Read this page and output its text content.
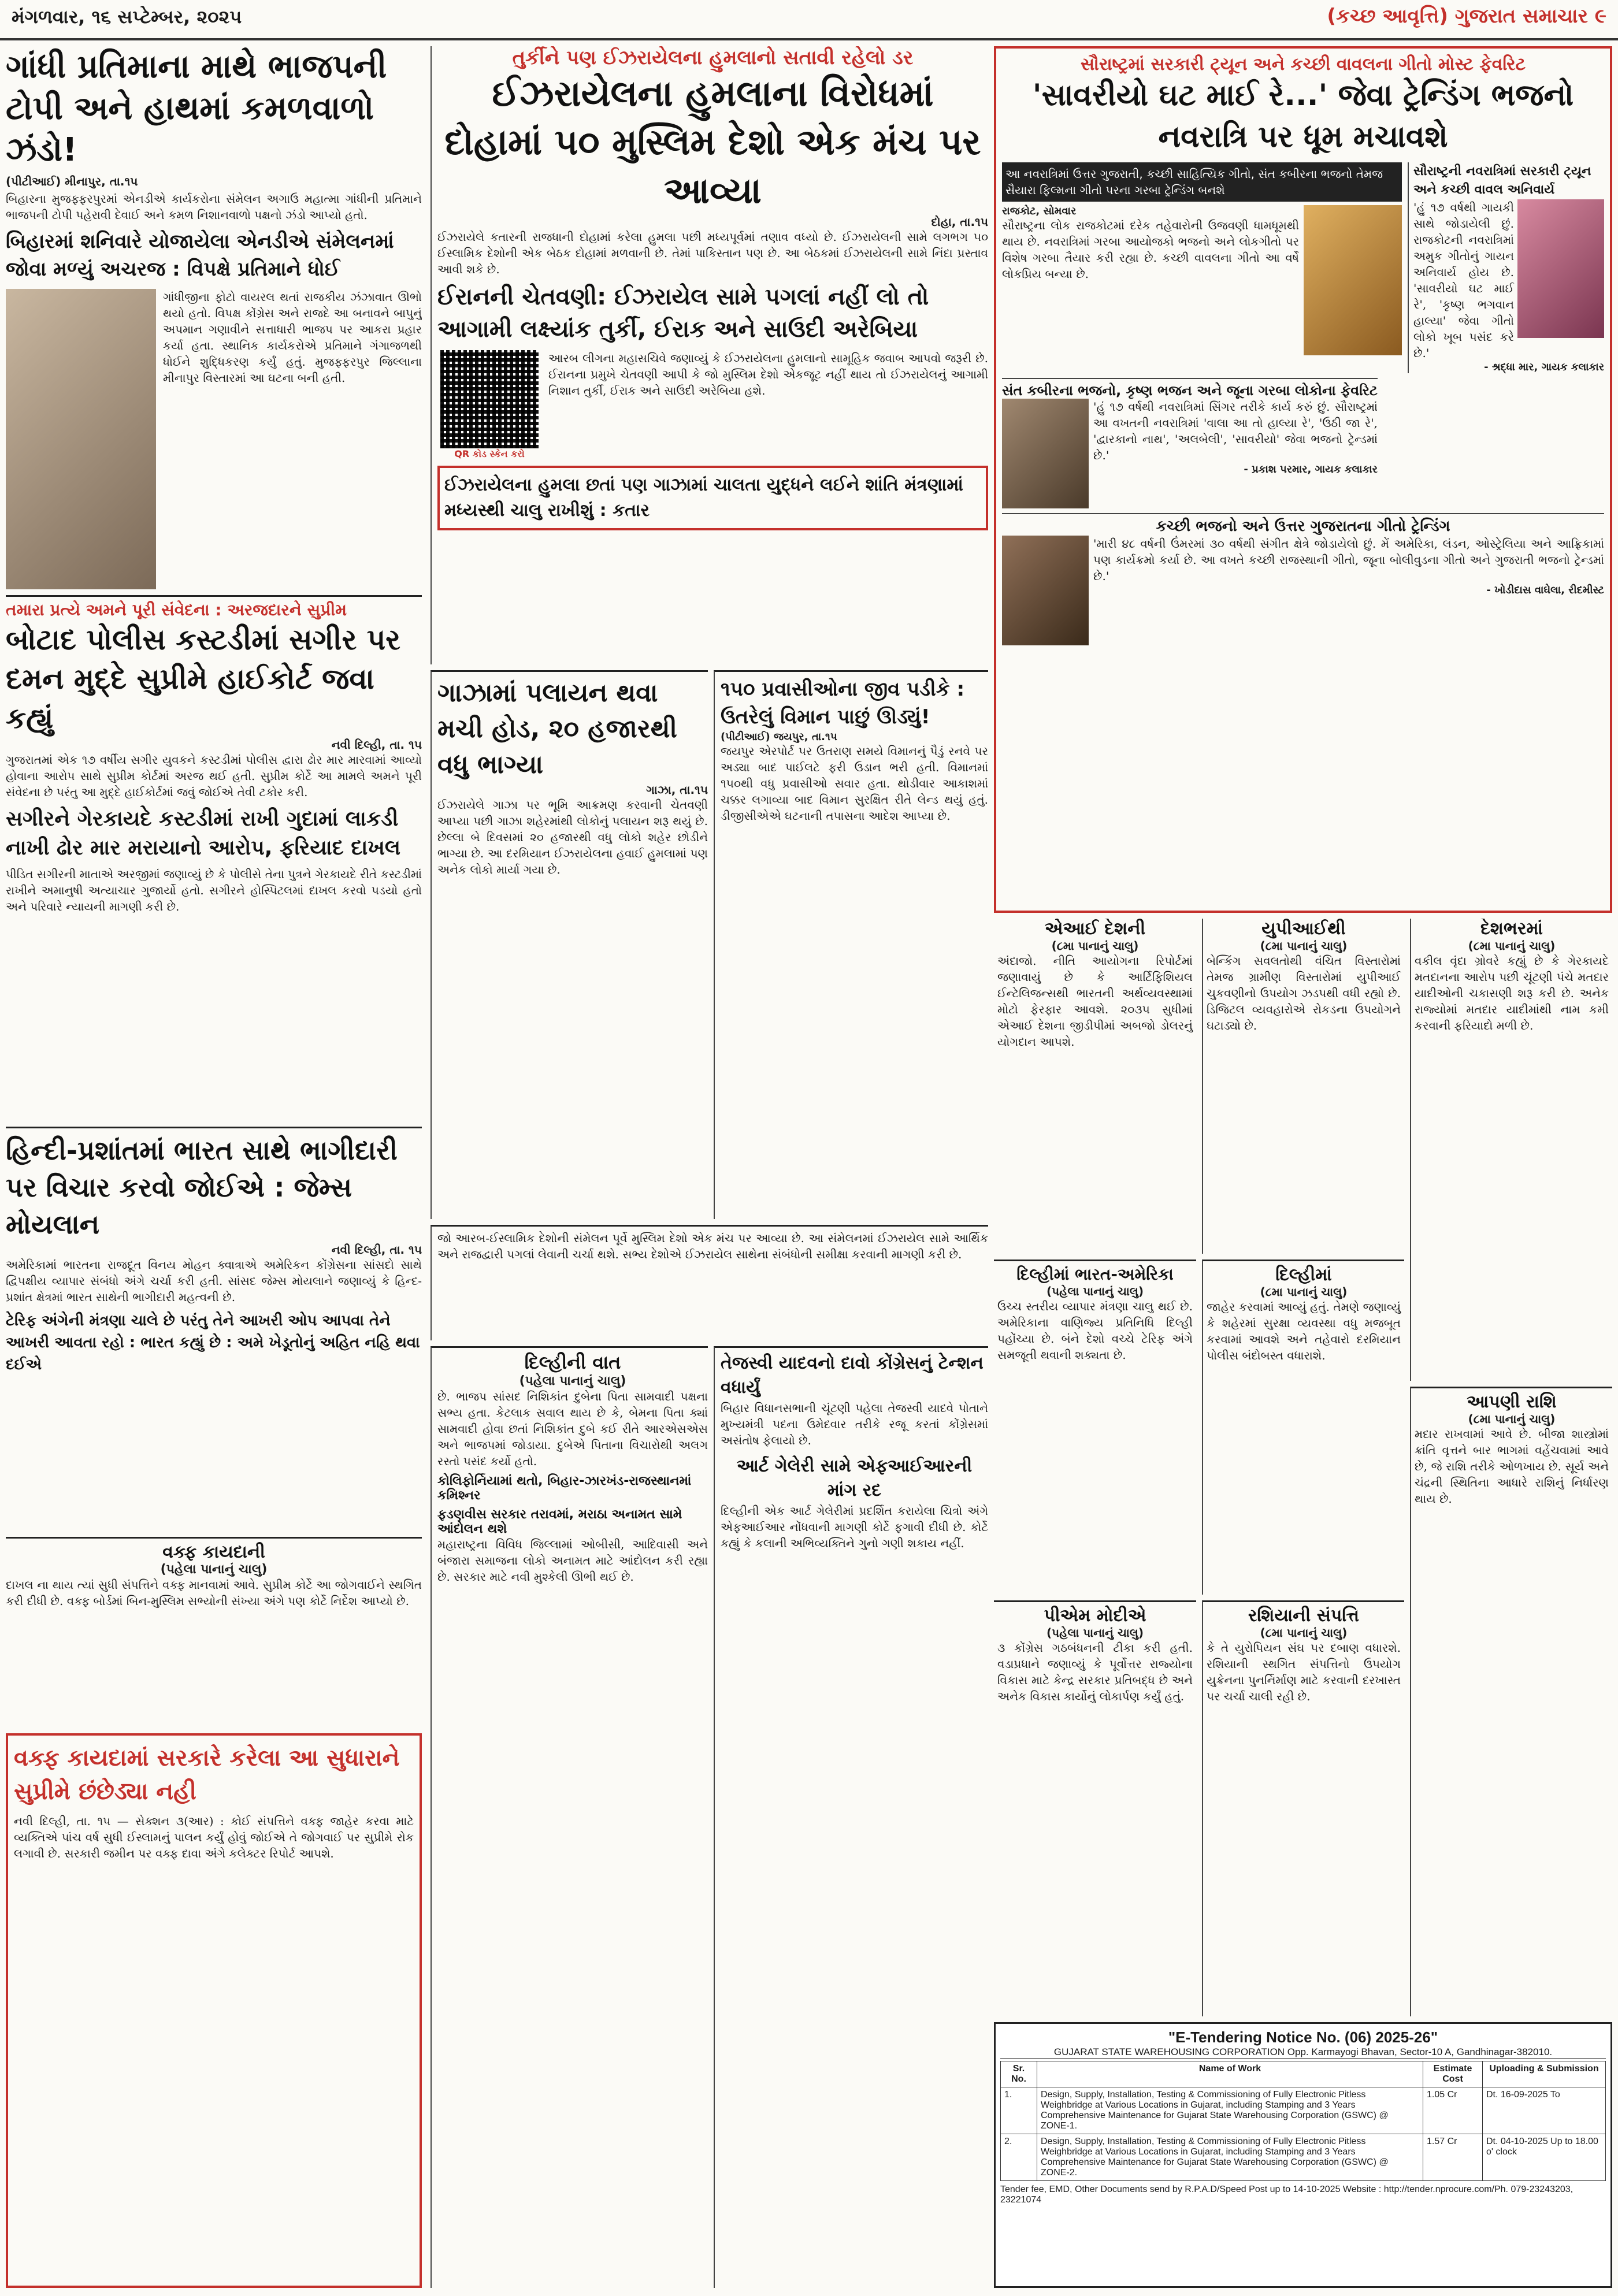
મંગળવાર, ૧૬ સપ્ટેમ્બર, ૨૦૨૫	(કચ્છ આવૃત્તિ) ગુજરાત સમાચાર ૯
ગાંધી પ્રતિમાના માથે ભાજપની ટોપી અને હાથમાં કમળવાળો ઝંડો!
(પીટીઆઈ) મીનાપુર, તા.૧૫
બિહારના મુજફ્ફરપુરમાં એનડીએ કાર્યકરોના સંમેલન અગાઉ મહાત્મા ગાંધીની પ્રતિમાને ભાજપની ટોપી પહેરાવી દેવાઈ અને કમળ નિશાનવાળો પક્ષનો ઝંડો આપ્યો હતો.
બિહારમાં શનિવારે યોજાયેલા એનડીએ સંમેલનમાં જોવા મળ્યું અચરજ : વિપક્ષે પ્રતિમાને ધોઈ
ગાંધીજીના ફોટો વાયરલ થતાં રાજકીય ઝંઝાવાત ઊભો થયો હતો. વિપક્ષ કોંગ્રેસ અને રાજદે આ બનાવને બાપુનું અપમાન ગણાવીને સત્તાધારી ભાજપ પર આકરા પ્રહાર કર્યા હતા. સ્થાનિક કાર્યકરોએ પ્રતિમાને ગંગાજળથી ધોઈને શુદ્ધિકરણ કર્યું હતું. મુજફ્ફરપુર જિલ્લાના મીનાપુર વિસ્તારમાં આ ઘટના બની હતી.
તમારા પ્રત્યે અમને પૂરી સંવેદના : અરજદારને સુપ્રીમ
બોટાદ પોલીસ કસ્ટડીમાં સગીર પર દમન મુદ્દે સુપ્રીમે હાઈકોર્ટ જવા કહ્યું
નવી દિલ્હી, તા. ૧૫
ગુજરાતમાં એક ૧૭ વર્ષીય સગીર યુવકને કસ્ટડીમાં પોલીસ દ્વારા ઢોર માર મારવામાં આવ્યો હોવાના આરોપ સાથે સુપ્રીમ કોર્ટમાં અરજ થઈ હતી. સુપ્રીમ કોર્ટે આ મામલે અમને પૂરી સંવેદના છે પરંતુ આ મુદ્દે હાઈકોર્ટમાં જવું જોઈએ તેવી ટકોર કરી.
સગીરને ગેરકાયદે કસ્ટડીમાં રાખી ગુદામાં લાકડી નાખી ઢોર માર મરાયાનો આરોપ, ફરિયાદ દાખલ
પીડિત સગીરની માતાએ અરજીમાં જણાવ્યું છે કે પોલીસે તેના પુત્રને ગેરકાયદે રીતે કસ્ટડીમાં રાખીને અમાનુષી અત્યાચાર ગુજાર્યો હતો. સગીરને હોસ્પિટલમાં દાખલ કરવો પડયો હતો અને પરિવારે ન્યાયની માગણી કરી છે.
હિન્દી-પ્રશાંતમાં ભારત સાથે ભાગીદારી પર વિચાર કરવો જોઈએ : જેમ્સ મોયલાન
નવી દિલ્હી, તા. ૧૫
અમેરિકામાં ભારતના રાજદૂત વિનય મોહન ક્વાત્રાએ અમેરિકન કોંગ્રેસના સાંસદો સાથે દ્વિપક્ષીય વ્યાપાર સંબંધો અંગે ચર્ચા કરી હતી. સાંસદ જેમ્સ મોયલાને જણાવ્યું કે હિન્દ-પ્રશાંત ક્ષેત્રમાં ભારત સાથેની ભાગીદારી મહત્વની છે.
ટેરિફ અંગેની મંત્રણા ચાલે છે પરંતુ તેને આખરી ઓપ આપવા તેને આખરી આવતા રહો : ભારત કહ્યું છે : અમે ખેડૂતોનું અહિત નહિ થવા દઈએ
વક્ફ કાયદાની
(પહેલા પાનાનું ચાલુ)
દાખલ ના થાય ત્યાં સુધી સંપત્તિને વક્ફ માનવામાં આવે. સુપ્રીમ કોર્ટે આ જોગવાઈને સ્થગિત કરી દીધી છે. વક્ફ બોર્ડમાં બિન-મુસ્લિમ સભ્યોની સંખ્યા અંગે પણ કોર્ટે નિર્દેશ આપ્યો છે.
વક્ફ કાયદામાં સરકારે કરેલા આ સુધારાને સુપ્રીમે છંછેડ્યા નહી
નવી દિલ્હી, તા. ૧૫ — સેક્શન ૩(આર) : કોઈ સંપત્તિને વક્ફ જાહેર કરવા માટે વ્યક્તિએ પાંચ વર્ષ સુધી ઈસ્લામનું પાલન કર્યું હોવું જોઈએ તે જોગવાઈ પર સુપ્રીમે રોક લગાવી છે. સરકારી જમીન પર વક્ફ દાવા અંગે કલેક્ટર રિપોર્ટ આપશે.
તુર્કીને પણ ઈઝરાયેલના હુમલાનો સતાવી રહેલો ડર
ઈઝરાયેલના હુમલાના વિરોધમાં દોહામાં ૫૦ મુસ્લિમ દેશો એક મંચ પર આવ્યા
દોહા, તા.૧૫
ઈઝરાયેલે કતારની રાજધાની દોહામાં કરેલા હુમલા પછી મધ્યપૂર્વમાં તણાવ વધ્યો છે. ઈઝરાયેલની સામે લગભગ ૫૦ ઈસ્લામિક દેશોની એક બેઠક દોહામાં મળવાની છે. તેમાં પાકિસ્તાન પણ છે. આ બેઠકમાં ઈઝરાયેલની સામે નિંદા પ્રસ્તાવ આવી શકે છે.
ઈરાનની ચેતવણી: ઈઝરાયેલ સામે પગલાં નહીં લો તો આગામી લક્ષ્યાંક તુર્કી, ઈરાક અને સાઉદી અરેબિયા
QR કોડ સ્કેન કરો
આરબ લીગના મહાસચિવે જણાવ્યું કે ઈઝરાયેલના હુમલાનો સામૂહિક જવાબ આપવો જરૂરી છે. ઈરાનના પ્રમુખે ચેતવણી આપી કે જો મુસ્લિમ દેશો એકજૂટ નહીં થાય તો ઈઝરાયેલનું આગામી નિશાન તુર્કી, ઈરાક અને સાઉદી અરેબિયા હશે.
ઈઝરાયેલના હુમલા છતાં પણ ગાઝામાં ચાલતા યુદ્ધને લઈને શાંતિ મંત્રણામાં મધ્યસ્થી ચાલુ રાખીશું : કતાર
ગાઝામાં પલાયન થવા મચી હોડ, ૨૦ હજારથી વધુ ભાગ્યા
ગાઝા, તા.૧૫
ઈઝરાયેલે ગાઝા પર ભૂમિ આક્રમણ કરવાની ચેતવણી આપ્યા પછી ગાઝા શહેરમાંથી લોકોનું પલાયન શરૂ થયું છે. છેલ્લા બે દિવસમાં ૨૦ હજારથી વધુ લોકો શહેર છોડીને ભાગ્યા છે. આ દરમિયાન ઈઝરાયેલના હવાઈ હુમલામાં પણ અનેક લોકો માર્યા ગયા છે.
૧૫૦ પ્રવાસીઓના જીવ પડીકે : ઉતરેલું વિમાન પાછું ઊડ્યું!
(પીટીઆઈ) જયપુર, તા.૧૫
જયપુર એરપોર્ટ પર ઉતરાણ સમયે વિમાનનું પૈડું રનવે પર અડ્યા બાદ પાઈલટે ફરી ઉડાન ભરી હતી. વિમાનમાં ૧૫૦થી વધુ પ્રવાસીઓ સવાર હતા. થોડીવાર આકાશમાં ચક્કર લગાવ્યા બાદ વિમાન સુરક્ષિત રીતે લેન્ડ થયું હતું. ડીજીસીએએ ઘટનાની તપાસના આદેશ આપ્યા છે.
જો આરબ-ઈસ્લામિક દેશોની સંમેલન પૂર્વે મુસ્લિમ દેશો એક મંચ પર આવ્યા છે. આ સંમેલનમાં ઈઝરાયેલ સામે આર્થિક અને રાજદ્વારી પગલાં લેવાની ચર્ચા થશે. સભ્ય દેશોએ ઈઝરાયેલ સાથેના સંબંધોની સમીક્ષા કરવાની માગણી કરી છે.
દિલ્હીની વાત
(પહેલા પાનાનું ચાલુ)
છે. ભાજપ સાંસદ નિશિકાંત દુબેના પિતા સામવાદી પક્ષના સભ્ય હતા. કેટલાક સવાલ થાય છે કે, બેમના પિતા ક્યાં સામવાદી હોવા છતાં નિશિકાંત દુબે કઈ રીતે આરએસએસ અને ભાજપમાં જોડાયા. દુબેએ પિતાના વિચારોથી અલગ રસ્તો પસંદ કર્યો હતો.
કોલિફોર્નિયામાં થતો, બિહાર-ઝારખંડ-રાજસ્થાનમાં કમિશ્નર
ફડણવીસ સરકાર તરાવમાં, મરાઠા અનામત સામે આંદોલન થશે
મહારાષ્ટ્રના વિવિધ જિલ્લામાં ઓબીસી, આદિવાસી અને બંજારા સમાજના લોકો અનામત માટે આંદોલન કરી રહ્યા છે. સરકાર માટે નવી મુશ્કેલી ઊભી થઈ છે.
તેજસ્વી યાદવનો દાવો કોંગ્રેસનું ટેન્શન વધાર્યું
બિહાર વિધાનસભાની ચૂંટણી પહેલા તેજસ્વી યાદવે પોતાને મુખ્યમંત્રી પદના ઉમેદવાર તરીકે રજૂ કરતાં કોંગ્રેસમાં અસંતોષ ફેલાયો છે.
આર્ટ ગેલેરી સામે એફઆઈઆરની માંગ રદ
દિલ્હીની એક આર્ટ ગેલેરીમાં પ્રદર્શિત કરાયેલા ચિત્રો અંગે એફઆઈઆર નોંધવાની માગણી કોર્ટે ફગાવી દીધી છે. કોર્ટે કહ્યું કે કલાની અભિવ્યક્તિને ગુનો ગણી શકાય નહીં.
સૌરાષ્ટ્રમાં સરકારી ટ્યૂન અને કચ્છી વાવલના ગીતો મોસ્ટ ફેવરિટ
'સાવરીયો ઘટ માઈ રે...' જેવા ટ્રેન્ડિંગ ભજનો નવરાત્રિ પર ધૂમ મચાવશે
આ નવરાત્રિમાં ઉત્તર ગુજરાતી, કચ્છી સાહિત્યિક ગીતો, સંત કબીરના ભજનો તેમજ સૈયારા ફિલ્મના ગીતો પરના ગરબા ટ્રેન્ડિંગ બનશે
રાજકોટ, સોમવાર
સૌરાષ્ટ્રના લોક રાજકોટમાં દરેક તહેવારોની ઉજવણી ધામધૂમથી થાય છે. નવરાત્રિમાં ગરબા આયોજકો ભજનો અને લોકગીતો પર વિશેષ ગરબા તૈયાર કરી રહ્યા છે. કચ્છી વાવલના ગીતો આ વર્ષે લોકપ્રિય બન્યા છે.
સૌરાષ્ટ્રની નવરાત્રિમાં સરકારી ટ્યૂન અને કચ્છી વાવલ અનિવાર્ય
'હું ૧૭ વર્ષથી ગાયકી સાથે જોડાયેલી છું. રાજકોટની નવરાત્રિમાં અમુક ગીતોનું ગાયન અનિવાર્ય હોય છે. 'સાવરીયો ઘટ માઈ રે', 'કૃષ્ણ ભગવાન હાલ્યા' જેવા ગીતો લોકો ખૂબ પસંદ કરે છે.'
- શ્રદ્ધા માર, ગાયક કલાકાર
સંત કબીરના ભજનો, કૃષ્ણ ભજન અને જૂના ગરબા લોકોના ફેવરિટ
'હું ૧૭ વર્ષથી નવરાત્રિમાં સિંગર તરીકે કાર્ય કરું છું. સૌરાષ્ટ્રમાં આ વખતની નવરાત્રિમાં 'વાલા આ તો હાલ્યા રે', 'ઉઠી જા રે', 'દ્વારકાનો નાથ', 'અલબેલી', 'સાવરીયો' જેવા ભજનો ટ્રેન્ડમાં છે.'
- પ્રકાશ પરમાર, ગાયક કલાકાર
કચ્છી ભજનો અને ઉત્તર ગુજરાતના ગીતો ટ્રેન્ડિંગ
'મારી ૪૮ વર્ષની ઉંમરમાં ૩૦ વર્ષથી સંગીત ક્ષેત્રે જોડાયેલો છું. મેં અમેરિકા, લંડન, ઓસ્ટ્રેલિયા અને આફ્રિકામાં પણ કાર્યક્રમો કર્યા છે. આ વખતે કચ્છી રાજસ્થાની ગીતો, જૂના બોલીવુડના ગીતો અને ગુજરાતી ભજનો ટ્રેન્ડમાં છે.'
- ખોડીદાસ વાઘેલા, રીદમીસ્ટ
એઆઈ દેશની
(૮મા પાનાનું ચાલુ)
અંદાજો. નીતિ આયોગના રિપોર્ટમાં જણાવાયું છે કે આર્ટિફિશિયલ ઈન્ટેલિજન્સથી ભારતની અર્થવ્યવસ્થામાં મોટો ફેરફાર આવશે. ૨૦૩૫ સુધીમાં એઆઈ દેશના જીડીપીમાં અબજો ડોલરનું યોગદાન આપશે.
યુપીઆઈથી
(૮મા પાનાનું ચાલુ)
બેન્કિંગ સવલતોથી વંચિત વિસ્તારોમાં તેમજ ગ્રામીણ વિસ્તારોમાં યુપીઆઈ ચુકવણીનો ઉપયોગ ઝડપથી વધી રહ્યો છે. ડિજિટલ વ્યવહારોએ રોકડના ઉપયોગને ઘટાડ્યો છે.
દેશભરમાં
(૮મા પાનાનું ચાલુ)
વકીલ વૃંદા ગ્રોવરે કહ્યું છે કે ગેરકાયદે મતદાનના આરોપ પછી ચૂંટણી પંચે મતદાર યાદીઓની ચકાસણી શરૂ કરી છે. અનેક રાજ્યોમાં મતદાર યાદીમાંથી નામ કમી કરવાની ફરિયાદો મળી છે.
દિલ્હીમાં ભારત-અમેરિકા
(પહેલા પાનાનું ચાલુ)
ઉચ્ચ સ્તરીય વ્યાપાર મંત્રણા ચાલુ થઈ છે. અમેરિકાના વાણિજ્ય પ્રતિનિધિ દિલ્હી પહોંચ્યા છે. બંને દેશો વચ્ચે ટેરિફ અંગે સમજૂતી થવાની શક્યતા છે.
દિલ્હીમાં
(૮મા પાનાનું ચાલુ)
જાહેર કરવામાં આવ્યું હતું. તેમણે જણાવ્યું કે શહેરમાં સુરક્ષા વ્યવસ્થા વધુ મજબૂત કરવામાં આવશે અને તહેવારો દરમિયાન પોલીસ બંદોબસ્ત વધારાશે.
પીએમ મોદીએ
(પહેલા પાનાનું ચાલુ)
૩ કોંગ્રેસ ગઠબંધનની ટીકા કરી હતી. વડાપ્રધાને જણાવ્યું કે પૂર્વોત્તર રાજ્યોના વિકાસ માટે કેન્દ્ર સરકાર પ્રતિબદ્ધ છે અને અનેક વિકાસ કાર્યોનું લોકાર્પણ કર્યું હતું.
રશિયાની સંપત્તિ
(૮મા પાનાનું ચાલુ)
કે તે યુરોપિયન સંઘ પર દબાણ વધારશે. રશિયાની સ્થગિત સંપત્તિનો ઉપયોગ યુક્રેનના પુનર્નિર્માણ માટે કરવાની દરખાસ્ત પર ચર્ચા ચાલી રહી છે.
આપણી રાશિ
(૮મા પાનાનું ચાલુ)
મદાર રાખવામાં આવે છે. બીજા શાસ્ત્રોમાં ક્રાંતિ વૃત્તને બાર ભાગમાં વહેંચવામાં આવે છે, જે રાશિ તરીકે ઓળખાય છે. સૂર્ય અને ચંદ્રની સ્થિતિના આધારે રાશિનું નિર્ધારણ થાય છે.
"E-Tendering Notice No. (06) 2025-26"
GUJARAT STATE WAREHOUSING CORPORATION Opp. Karmayogi Bhavan, Sector-10 A, Gandhinagar-382010.
Sr. No.	Name of Work	Estimate Cost	Uploading & Submission
1.	Design, Supply, Installation, Testing & Commissioning of Fully Electronic Pitless Weighbridge at Various Locations in Gujarat, including Stamping and 3 Years Comprehensive Maintenance for Gujarat State Warehousing Corporation (GSWC) @ ZONE-1.	1.05 Cr	Dt. 16-09-2025 To
2.	Design, Supply, Installation, Testing & Commissioning of Fully Electronic Pitless Weighbridge at Various Locations in Gujarat, including Stamping and 3 Years Comprehensive Maintenance for Gujarat State Warehousing Corporation (GSWC) @ ZONE-2.	1.57 Cr	Dt. 04-10-2025 Up to 18.00 o' clock
Tender fee, EMD, Other Documents send by R.P.A.D/Speed Post up to 14-10-2025 Website : http://tender.nprocure.com/Ph. 079-23243203, 23221074
